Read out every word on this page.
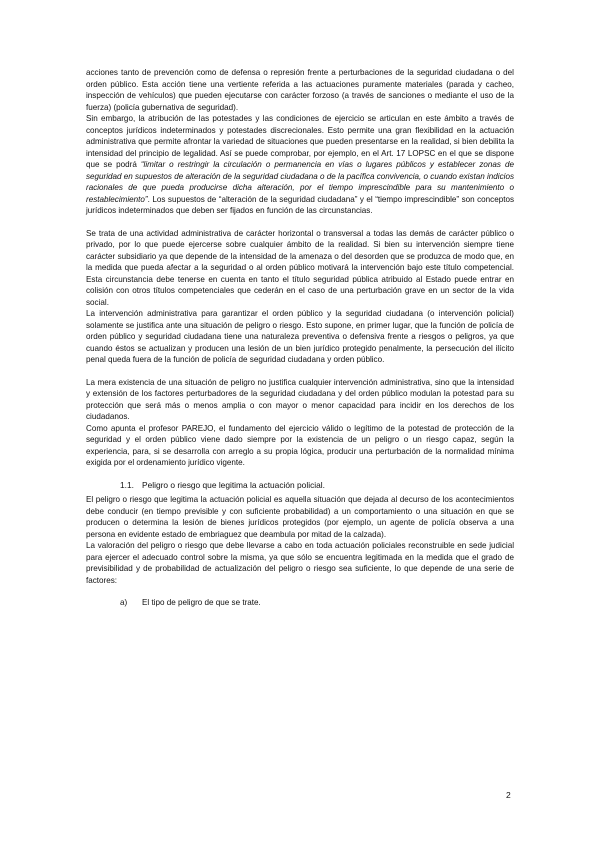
acciones tanto de prevención como de defensa o represión frente a perturbaciones de la seguridad ciudadana o del orden público. Esta acción tiene una vertiente referida a las actuaciones puramente materiales (parada y cacheo, inspección de vehículos) que pueden ejecutarse con carácter forzoso (a través de sanciones o mediante el uso de la fuerza) (policía gubernativa de seguridad).

Sin embargo, la atribución de las potestades y las condiciones de ejercicio se articulan en este ámbito a través de conceptos jurídicos indeterminados y potestades discrecionales. Esto permite una gran flexibilidad en la actuación administrativa que permite afrontar la variedad de situaciones que pueden presentarse en la realidad, si bien debilita la intensidad del principio de legalidad. Así se puede comprobar, por ejemplo, en el Art. 17 LOPSC en el que se dispone que se podrá “limitar o restringir la circulación o permanencia en vías o lugares públicos y establecer zonas de seguridad en supuestos de alteración de la seguridad ciudadana o de la pacífica convivencia, o cuando existan indicios racionales de que pueda producirse dicha alteración, por el tiempo imprescindible para su mantenimiento o restablecimiento”. Los supuestos de “alteración de la seguridad ciudadana” y el “tiempo imprescindible” son conceptos jurídicos indeterminados que deben ser fijados en función de las circunstancias.

Se trata de una actividad administrativa de carácter horizontal o transversal a todas las demás de carácter público o privado, por lo que puede ejercerse sobre cualquier ámbito de la realidad. Si bien su intervención siempre tiene carácter subsidiario ya que depende de la intensidad de la amenaza o del desorden que se produzca de modo que, en la medida que pueda afectar a la seguridad o al orden público motivará la intervención bajo este título competencial. Esta circunstancia debe tenerse en cuenta en tanto el título seguridad pública atribuido al Estado puede entrar en colisión con otros títulos competenciales que cederán en el caso de una perturbación grave en un sector de la vida social.

La intervención administrativa para garantizar el orden público y la seguridad ciudadana (o intervención policial) solamente se justifica ante una situación de peligro o riesgo. Esto supone, en primer lugar, que la función de policía de orden público y seguridad ciudadana tiene una naturaleza preventiva o defensiva frente a riesgos o peligros, ya que cuando éstos se actualizan y producen una lesión de un bien jurídico protegido penalmente, la persecución del ilícito penal queda fuera de la función de policía de seguridad ciudadana y orden público.

La mera existencia de una situación de peligro no justifica cualquier intervención administrativa, sino que la intensidad y extensión de los factores perturbadores de la seguridad ciudadana y del orden público modulan la potestad para su protección que será más o menos amplia o con mayor o menor capacidad para incidir en los derechos de los ciudadanos.

Como apunta el profesor PAREJO, el fundamento del ejercicio válido o legítimo de la potestad de protección de la seguridad y el orden público viene dado siempre por la existencia de un peligro o un riesgo capaz, según la experiencia, para, si se desarrolla con arreglo a su propia lógica, producir una perturbación de la normalidad mínima exigida por el ordenamiento jurídico vigente.

1.1. Peligro o riesgo que legitima la actuación policial.

El peligro o riesgo que legitima la actuación policial es aquella situación que dejada al decurso de los acontecimientos debe conducir (en tiempo previsible y con suficiente probabilidad) a un comportamiento o una situación en que se producen o determina la lesión de bienes jurídicos protegidos (por ejemplo, un agente de policía observa a una persona en evidente estado de embriaguez que deambula por mitad de la calzada).

La valoración del peligro o riesgo que debe llevarse a cabo en toda actuación policiales reconstruible en sede judicial para ejercer el adecuado control sobre la misma, ya que sólo se encuentra legitimada en la medida que el grado de previsibilidad y de probabilidad de actualización del peligro o riesgo sea suficiente, lo que depende de una serie de factores:

a) El tipo de peligro de que se trate.
2
